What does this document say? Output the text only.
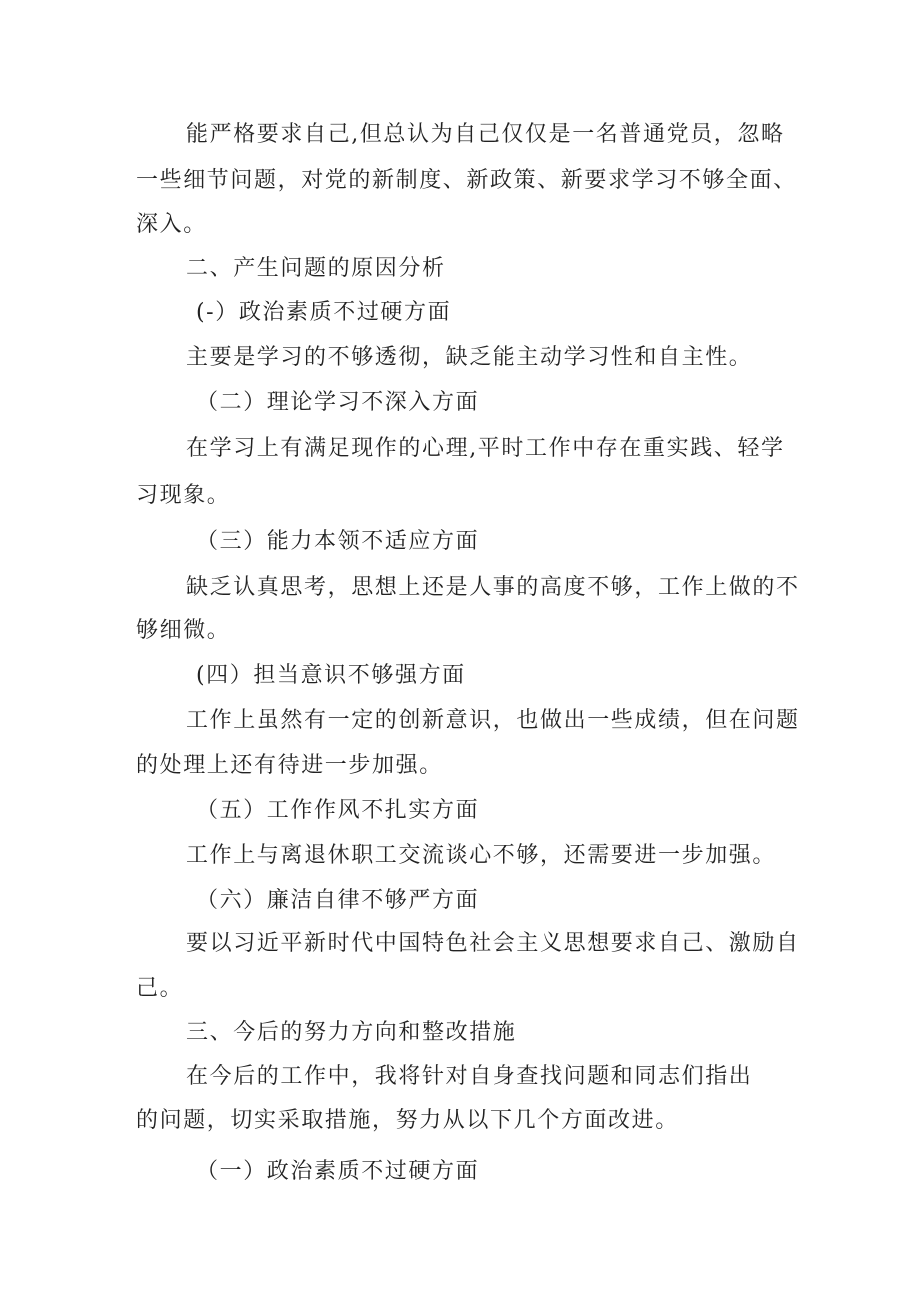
能严格要求自己,但总认为自己仅仅是一名普通党员，忽略
一些细节问题，对党的新制度、新政策、新要求学习不够全面、
深入。
二、产生问题的原因分析
(-）政治素质不过硬方面
主要是学习的不够透彻，缺乏能主动学习性和自主性。
（二）理论学习不深入方面
在学习上有满足现作的心理,平时工作中存在重实践、轻学
习现象。
（三）能力本领不适应方面
缺乏认真思考，思想上还是人事的高度不够，工作上做的不
够细微。
(四）担当意识不够强方面
工作上虽然有一定的创新意识，也做出一些成绩，但在问题
的处理上还有待进一步加强。
（五）工作作风不扎实方面
工作上与离退休职工交流谈心不够，还需要进一步加强。
（六）廉洁自律不够严方面
要以习近平新时代中国特色社会主义思想要求自己、激励自
己。
三、今后的努力方向和整改措施
在今后的工作中，我将针对自身查找问题和同志们指出
的问题，切实采取措施，努力从以下几个方面改进。
（一）政治素质不过硬方面
